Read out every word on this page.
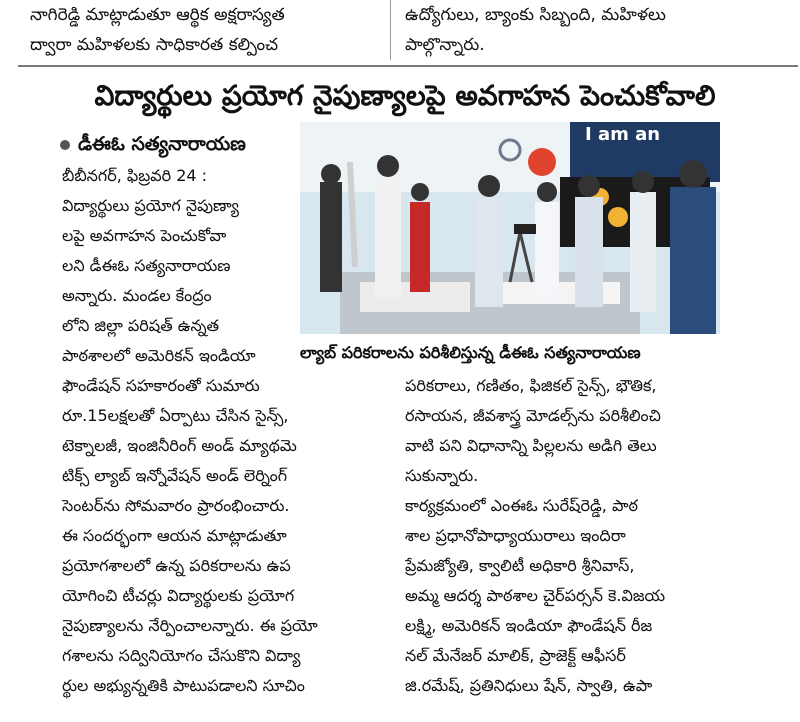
నాగిరెడ్డి మాట్లాడుతూ ఆర్థిక అక్షరాస్యత
ద్వారా మహిళలకు సాధికారత కల్పించ
ఉద్యోగులు, బ్యాంకు సిబ్బంది, మహిళలు
పాల్గొన్నారు.
విద్యార్థులు ప్రయోగ నైపుణ్యాలపై అవగాహన పెంచుకోవాలి
డీఈఓ సత్యనారాయణ
బీబీనగర్, ఫిబ్రవరి 24 :
విద్యార్థులు ప్రయోగ నైపుణ్యా
లపై అవగాహన పెంచుకోవా
లని డీఈఓ సత్యనారాయణ
అన్నారు. మండల కేంద్రం
లోని జిల్లా పరిషత్ ఉన్నత
పాఠశాలలో అమెరికన్ ఇండియా
ఫౌండేషన్ సహకారంతో సుమారు
రూ.15లక్షలతో ఏర్పాటు చేసిన సైన్స్,
టెక్నాలజీ, ఇంజినీరింగ్ అండ్ మ్యాథమె
టిక్స్ ల్యాబ్ ఇన్నోవేషన్ అండ్ లెర్నింగ్
సెంటర్‌ను సోమవారం ప్రారంభించారు.
ఈ సందర్భంగా ఆయన మాట్లాడుతూ
ప్రయోగశాలలో ఉన్న పరికరాలను ఉప
యోగించి టీచర్లు విద్యార్థులకు ప్రయోగ
నైపుణ్యాలను నేర్పించాలన్నారు. ఈ ప్రయో
గశాలను సద్వినియోగం చేసుకొని విద్యా
ర్థుల అభ్యున్నతికి పాటుపడాలని సూచిం
I am an
ల్యాబ్ పరికరాలను పరిశీలిస్తున్న డీఈఓ సత్యనారాయణ
పరికరాలు, గణితం, ఫిజికల్ సైన్స్, భౌతిక,
రసాయన, జీవశాస్త్ర మోడల్స్‌ను పరిశీలించి
వాటి పని విధానాన్ని పిల్లలను అడిగి తెలు
సుకున్నారు.
కార్యక్రమంలో ఎంఈఓ సురేష్‌రెడ్డి, పాఠ
శాల ప్రధానోపాధ్యాయురాలు ఇందిరా
ప్రేమజ్యోతి, క్వాలిటీ అధికారి శ్రీనివాస్,
అమ్మ ఆదర్శ పాఠశాల చైర్‌పర్సన్ కె.విజయ
లక్ష్మి, అమెరికన్ ఇండియా ఫౌండేషన్ రీజ
నల్ మేనేజర్ మాలిక్, ప్రాజెక్ట్ ఆఫీసర్
జి.రమేష్, ప్రతినిధులు షేన్, స్వాతి, ఉపా
